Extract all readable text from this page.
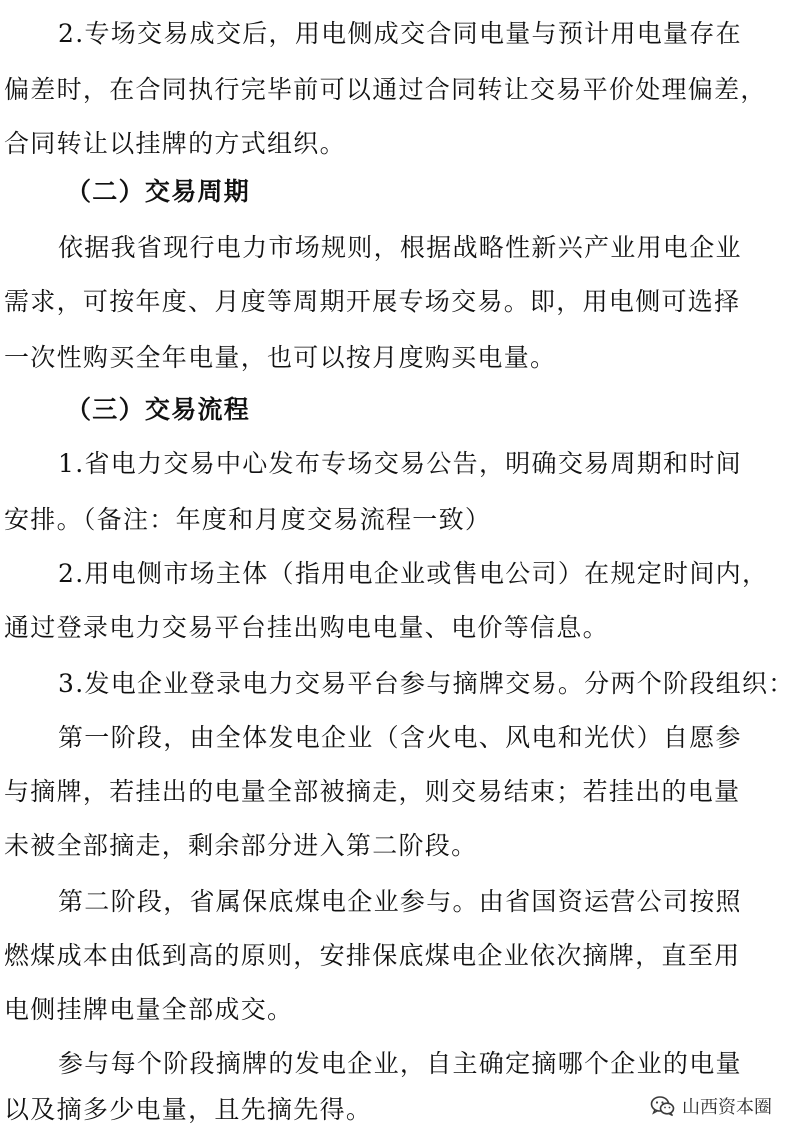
2.专场交易成交后，用电侧成交合同电量与预计用电量存在
偏差时，在合同执行完毕前可以通过合同转让交易平价处理偏差，
合同转让以挂牌的方式组织。
（二）交易周期
依据我省现行电力市场规则，根据战略性新兴产业用电企业
需求，可按年度、月度等周期开展专场交易。即，用电侧可选择
一次性购买全年电量，也可以按月度购买电量。
（三）交易流程
1.省电力交易中心发布专场交易公告，明确交易周期和时间
安排。（备注：年度和月度交易流程一致）
2.用电侧市场主体（指用电企业或售电公司）在规定时间内，
通过登录电力交易平台挂出购电电量、电价等信息。
3.发电企业登录电力交易平台参与摘牌交易。分两个阶段组织：
第一阶段，由全体发电企业（含火电、风电和光伏）自愿参
与摘牌，若挂出的电量全部被摘走，则交易结束；若挂出的电量
未被全部摘走，剩余部分进入第二阶段。
第二阶段，省属保底煤电企业参与。由省国资运营公司按照
燃煤成本由低到高的原则，安排保底煤电企业依次摘牌，直至用
电侧挂牌电量全部成交。
参与每个阶段摘牌的发电企业，自主确定摘哪个企业的电量
以及摘多少电量，且先摘先得。	山西资本圈
